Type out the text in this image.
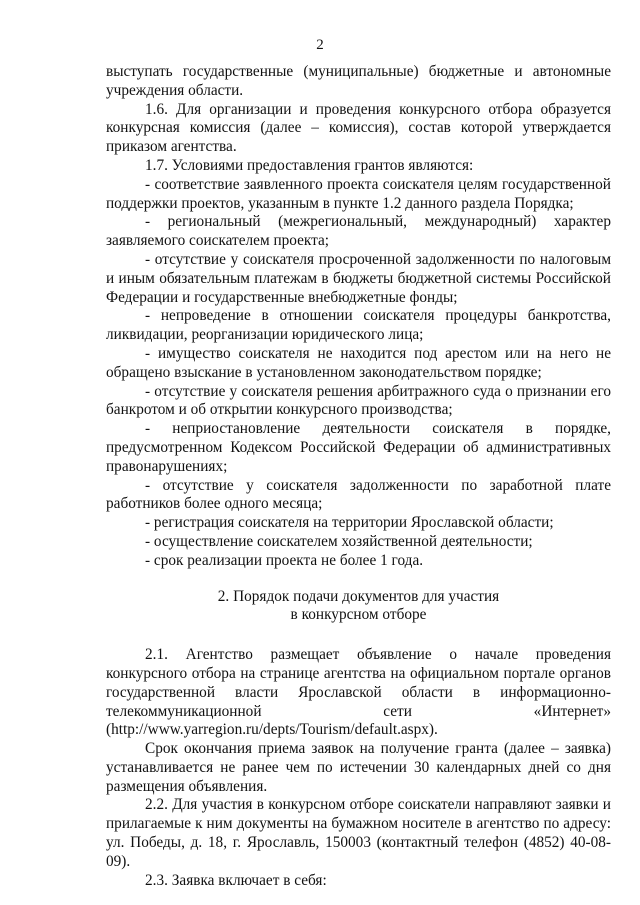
2

выступать государственные (муниципальные) бюджетные и автономные учреждения области.

1.6. Для организации и проведения конкурсного отбора образуется конкурсная комиссия (далее – комиссия), состав которой утверждается приказом агентства.

1.7. Условиями предоставления грантов являются:

- соответствие заявленного проекта соискателя целям государственной поддержки проектов, указанным в пункте 1.2 данного раздела Порядка;

- региональный (межрегиональный, международный) характер заявляемого соискателем проекта;

- отсутствие у соискателя просроченной задолженности по налоговым и иным обязательным платежам в бюджеты бюджетной системы Российской Федерации и государственные внебюджетные фонды;

- непроведение в отношении соискателя процедуры банкротства, ликвидации, реорганизации юридического лица;

- имущество соискателя не находится под арестом или на него не обращено взыскание в установленном законодательством порядке;

- отсутствие у соискателя решения арбитражного суда о признании его банкротом и об открытии конкурсного производства;

- неприостановление деятельности соискателя в порядке, предусмотренном Кодексом Российской Федерации об административных правонарушениях;

- отсутствие у соискателя задолженности по заработной плате работников более одного месяца;

- регистрация соискателя на территории Ярославской области;

- осуществление соискателем хозяйственной деятельности;

- срок реализации проекта не более 1 года.

2. Порядок подачи документов для участия

в конкурсном отборе

2.1. Агентство размещает объявление о начале проведения конкурсного отбора на странице агентства на официальном портале органов государственной власти Ярославской области в информационно-телекоммуникационной сети «Интернет» (http://www.yarregion.ru/depts/Tourism/default.aspx).

Срок окончания приема заявок на получение гранта (далее – заявка) устанавливается не ранее чем по истечении 30 календарных дней со дня размещения объявления.

2.2. Для участия в конкурсном отборе соискатели направляют заявки и прилагаемые к ним документы на бумажном носителе в агентство по адресу: ул. Победы, д. 18, г. Ярославль, 150003 (контактный телефон (4852) 40-08-09).

2.3. Заявка включает в себя:
